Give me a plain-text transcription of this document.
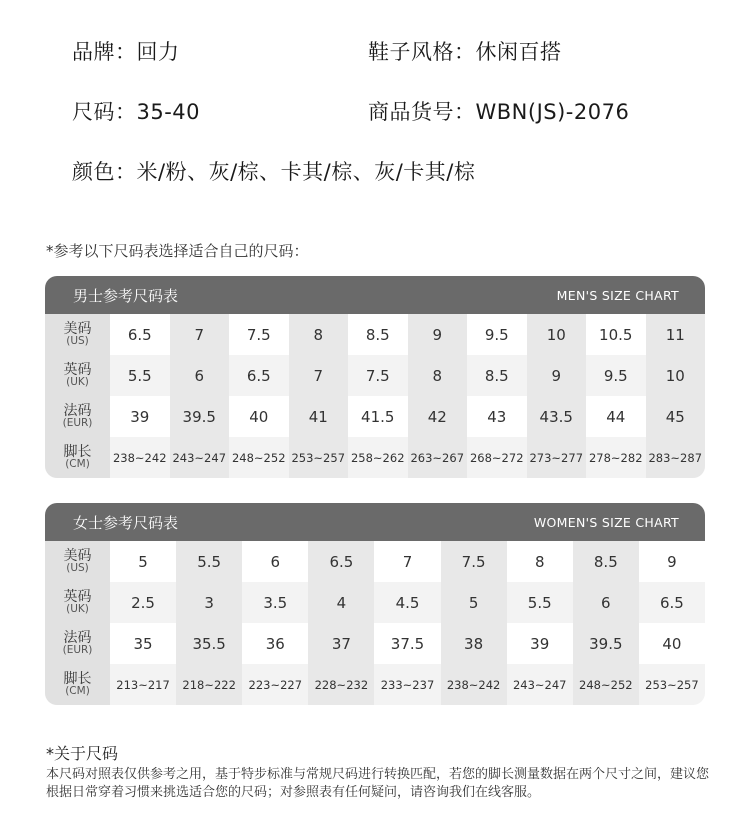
品牌：回力	鞋子风格：休闲百搭
尺码：35-40	商品货号：WBN(JS)-2076
颜色：米/粉、灰/棕、卡其/棕、灰/卡其/棕
*参考以下尺码表选择适合自己的尺码：
男士参考尺码表	MEN'S SIZE CHART
美码
(US)	6.5	7	7.5	8	8.5	9	9.5	10	10.5	11
英码
(UK)	5.5	6	6.5	7	7.5	8	8.5	9	9.5	10
法码
(EUR)	39	39.5	40	41	41.5	42	43	43.5	44	45
脚长
(CM) 238~242 243~247 248~252 253~257 258~262 263~267 268~272 273~277 278~282 283~287
女士参考尺码表	WOMEN'S SIZE CHART
美码
(US)	5	5.5	6	6.5	7	7.5	8	8.5	9
英码
(UK)	2.5	3	3.5	4	4.5	5	5.5	6	6.5
法码
(EUR)	35	35.5	36	37	37.5	38	39	39.5	40
脚长
(CM)	213~217	218~222	223~227	228~232	233~237	238~242	243~247	248~252	253~257
*关于尺码
本尺码对照表仅供参考之用，基于特步标准与常规尺码进行转换匹配，若您的脚长测量数据在两个尺寸之间，建议您根据日常穿着习惯来挑选适合您的尺码；对参照表有任何疑问，请咨询我们在线客服。
